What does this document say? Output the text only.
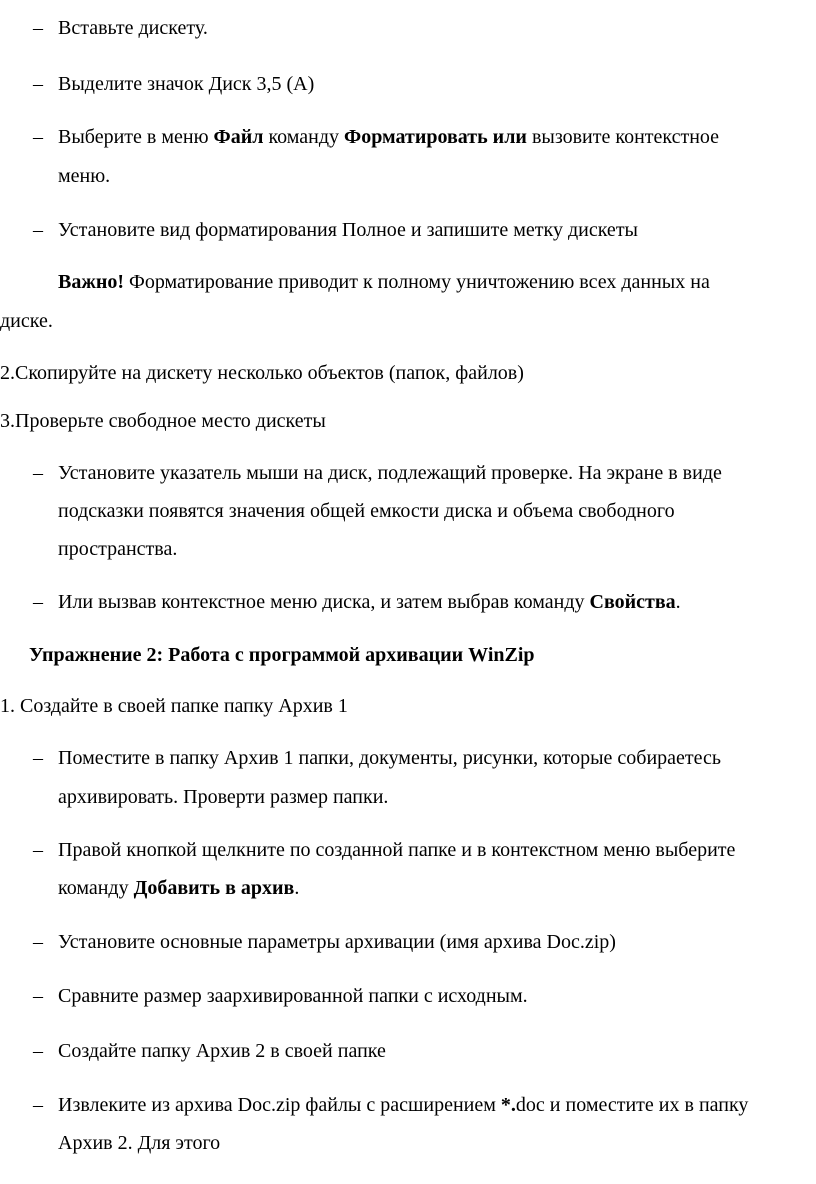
– Вставьте дискету.
– Выделите значок Диск 3,5 (А)
– Выберите в меню Файл команду Форматировать или вызовите контекстное
меню.
– Установите вид форматирования Полное и запишите метку дискеты
Важно! Форматирование приводит к полному уничтожению всех данных на
диске.
2.Скопируйте на дискету несколько объектов (папок, файлов)
3.Проверьте свободное место дискеты
– Установите указатель мыши на диск, подлежащий проверке. На экране в виде
подсказки появятся значения общей емкости диска и объема свободного
пространства.
– Или вызвав контекстное меню диска, и затем выбрав команду Свойства.
Упражнение 2: Работа с программой архивации WinZip
1. Создайте в своей папке папку Архив 1
– Поместите в папку Архив 1 папки, документы, рисунки, которые собираетесь
архивировать. Проверти размер папки.
– Правой кнопкой щелкните по созданной папке и в контекстном меню выберите
команду Добавить в архив.
– Установите основные параметры архивации (имя архива Doc.zip)
– Сравните размер заархивированной папки с исходным.
– Создайте папку Архив 2 в своей папке
– Извлеките из архива Doc.zip файлы с расширением *.doc и поместите их в папку
Архив 2. Для этого
